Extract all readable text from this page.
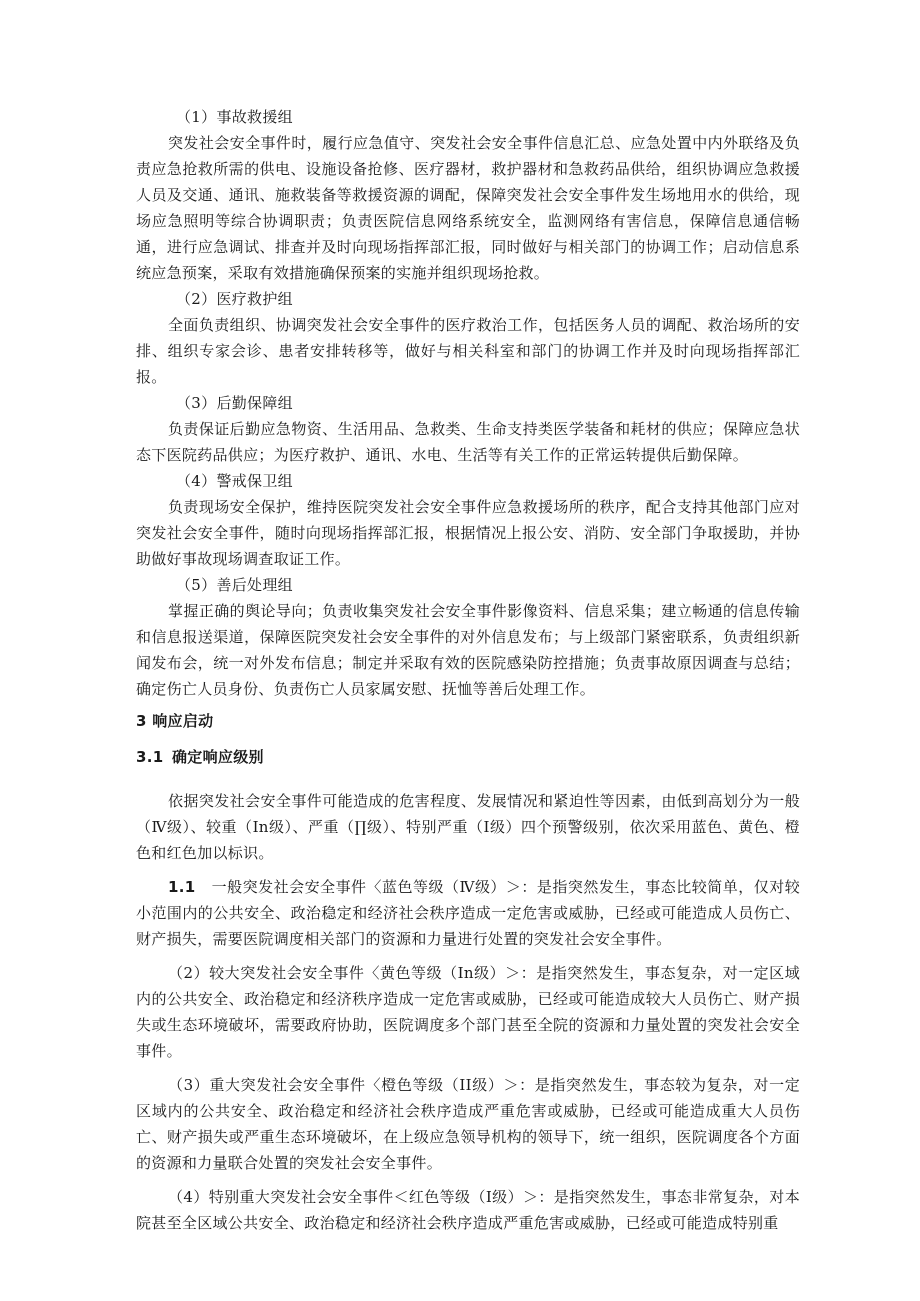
（1）事故救援组

突发社会安全事件时，履行应急值守、突发社会安全事件信息汇总、应急处置中内外联络及负责应急抢救所需的供电、设施设备抢修、医疗器材，救护器材和急救药品供给，组织协调应急救援人员及交通、通讯、施救装备等救援资源的调配，保障突发社会安全事件发生场地用水的供给，现场应急照明等综合协调职责；负责医院信息网络系统安全，监测网络有害信息，保障信息通信畅通，进行应急调试、排查并及时向现场指挥部汇报，同时做好与相关部门的协调工作；启动信息系统应急预案，采取有效措施确保预案的实施并组织现场抢救。

（2）医疗救护组

全面负责组织、协调突发社会安全事件的医疗救治工作，包括医务人员的调配、救治场所的安排、组织专家会诊、患者安排转移等，做好与相关科室和部门的协调工作并及时向现场指挥部汇报。

（3）后勤保障组

负责保证后勤应急物资、生活用品、急救类、生命支持类医学装备和耗材的供应；保障应急状态下医院药品供应；为医疗救护、通讯、水电、生活等有关工作的正常运转提供后勤保障。

（4）警戒保卫组

负责现场安全保护，维持医院突发社会安全事件应急救援场所的秩序，配合支持其他部门应对突发社会安全事件，随时向现场指挥部汇报，根据情况上报公安、消防、安全部门争取援助，并协助做好事故现场调查取证工作。

（5）善后处理组

掌握正确的舆论导向；负责收集突发社会安全事件影像资料、信息采集；建立畅通的信息传输和信息报送渠道，保障医院突发社会安全事件的对外信息发布；与上级部门紧密联系，负责组织新闻发布会，统一对外发布信息；制定并采取有效的医院感染防控措施；负责事故原因调查与总结；确定伤亡人员身份、负责伤亡人员家属安慰、抚恤等善后处理工作。

3 响应启动

3.1 确定响应级别

依据突发社会安全事件可能造成的危害程度、发展情况和紧迫性等因素，由低到高划分为一般（Ⅳ级）、较重（In级）、严重（∏级）、特别严重（Ⅰ级）四个预警级别，依次采用蓝色、黄色、橙色和红色加以标识。

1.1 一般突发社会安全事件〈蓝色等级（Ⅳ级）＞：是指突然发生，事态比较简单，仅对较小范围内的公共安全、政治稳定和经济社会秩序造成一定危害或威胁，已经或可能造成人员伤亡、财产损失，需要医院调度相关部门的资源和力量进行处置的突发社会安全事件。

（2）较大突发社会安全事件〈黄色等级（In级）＞：是指突然发生，事态复杂，对一定区域内的公共安全、政治稳定和经济秩序造成一定危害或威胁，已经或可能造成较大人员伤亡、财产损失或生态环境破坏，需要政府协助，医院调度多个部门甚至全院的资源和力量处置的突发社会安全事件。

（3）重大突发社会安全事件〈橙色等级（II级）＞：是指突然发生，事态较为复杂，对一定区域内的公共安全、政治稳定和经济社会秩序造成严重危害或威胁，已经或可能造成重大人员伤亡、财产损失或严重生态环境破坏，在上级应急领导机构的领导下，统一组织，医院调度各个方面的资源和力量联合处置的突发社会安全事件。

（4）特别重大突发社会安全事件＜红色等级（Ⅰ级）＞：是指突然发生，事态非常复杂，对本院甚至全区域公共安全、政治稳定和经济社会秩序造成严重危害或威胁，已经或可能造成特别重
